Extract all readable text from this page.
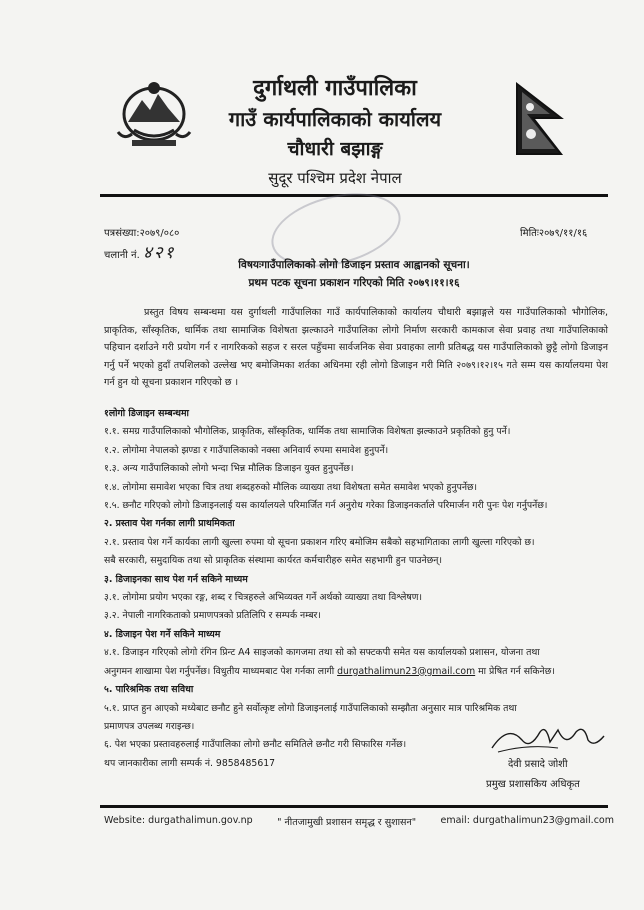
दुर्गाथली गाउँपालिका
गाउँ कार्यपालिकाको कार्यालय
चौधारी बझाङ्ग
सुदूर पश्चिम प्रदेश नेपाल
पत्रसंख्या:२०७९/०८०
चलानी नं. ४२१
मितिः२०७९/११/१६
विषयःगाउँपालिकाको लोगो डिजाइन प्रस्ताव आह्वानको सूचना।
प्रथम पटक सूचना प्रकाशन गरिएको मिति २०७९।११।१६
प्रस्तुत विषय सम्बन्धमा यस दुर्गाथली गाउँपालिका गाउँ कार्यपालिकाको कार्यालय चौधारी बझाङ्गले यस गाउँपालिकाको भौगोलिक, प्राकृतिक, साँस्कृतिक, धार्मिक तथा सामाजिक विशेषता झल्काउने गाउँपालिका लोगो निर्माण सरकारी कामकाज सेवा प्रवाह तथा गाउँपालिकाको पहिचान दर्शाउने गरी प्रयोग गर्न र नागरिकको सहज र सरल पहुँचमा सार्वजनिक सेवा प्रवाहका लागी प्रतिबद्ध यस गाउँपालिकाको छुट्टै लोगो डिजाइन गर्नु पर्ने भएको हुदाँ तपशिलको उल्लेख भए बमोजिमका शर्तका अधिनमा रही लोगो डिजाइन गरी मिति २०७९।१२।१५ गते सम्म यस कार्यालयमा पेश गर्न हुन यो सूचना प्रकाशन गरिएको छ ।
१लोगो डिजाइन सम्बन्धमा
१.१. समग्र गाउँपालिकाको भौगोलिक, प्राकृतिक, साँस्कृतिक, धार्मिक तथा सामाजिक विशेषता झल्काउने प्रकृतिको हुनु पर्ने।
१.२. लोगोमा नेपालको झण्डा र गाउँपालिकाको नक्सा अनिवार्य रुपमा समावेश हुनुपर्ने।
१.३. अन्य गाउँपालिकाको लोगो भन्दा भिन्न मौलिक डिजाइन युक्त हुनुपर्नेछ।
१.४. लोगोमा समावेश भएका चित्र तथा शब्दहरुको मौलिक व्याख्या तथा विशेषता समेत समावेश भएको हुनुपर्नेछ।
१.५. छनौट गरिएको लोगो डिजाइनलाई यस कार्यालयले परिमार्जित गर्न अनुरोध गरेका डिजाइनकर्ताले परिमार्जन गरी पुनः पेश गर्नुपर्नेछ।
२. प्रस्ताव पेश गर्नका लागी प्राथमिकता
२.१. प्रस्ताव पेश गर्ने कार्यका लागी खुल्ला रुपमा यो सूचना प्रकाशन गरिए बमोजिम सबैको सहभागिताका लागी खुल्ला गरिएको छ।
सबै सरकारी, समुदायिक तथा सो प्राकृतिक संस्थामा कार्यरत कर्मचारीहरु समेत सहभागी हुन पाउनेछन्।
३. डिजाइनका साथ पेश गर्न सकिने माध्यम
३.१. लोगोमा प्रयोग भएका रङ्ग, शब्द र चित्रहरुले अभिव्यक्त गर्ने अर्थको व्याख्या तथा विश्लेषण।
३.२. नेपाली नागरिकताको प्रमाणपत्रको प्रतिलिपि र सम्पर्क नम्बर।
४. डिजाइन पेश गर्ने सकिने माध्यम
४.१. डिजाइन गरिएको लोगो रंगिन प्रिन्ट A4 साइजको कागजमा तथा सो को सफ्टकपी समेत यस कार्यालयको प्रशासन, योजना तथा
अनुगमन शाखामा पेश गर्नुपर्नेछ। विधुतीय माध्यमबाट पेश गर्नका लागी durgathalimun23@gmail.com मा प्रेषित गर्न सकिनेछ।
५. पारिश्रमिक तथा सविधा
५.१. प्राप्त हुन आएको मध्येबाट छनौट हुने सर्वोत्कृष्ट लोगो डिजाइनलाई गाउँपालिकाको सम्झौता अनुसार मात्र पारिश्रमिक तथा
प्रमाणपत्र उपलब्ध गराइन्छ।
६. पेश भएका प्रस्तावहरुलाई गाउँपालिका लोगो छनौट समितिले छनौट गरी सिफारिस गर्नेछ।
थप जानकारीका लागी सम्पर्क नं. 9858485617	देवी प्रसादे जोशी
प्रमुख प्रशासकिय अधिकृत
Website: durgathalimun.gov.np	" नीतजामुखी प्रशासन समृद्ध र सुशासन"	email: durgathalimun23@gmail.com
